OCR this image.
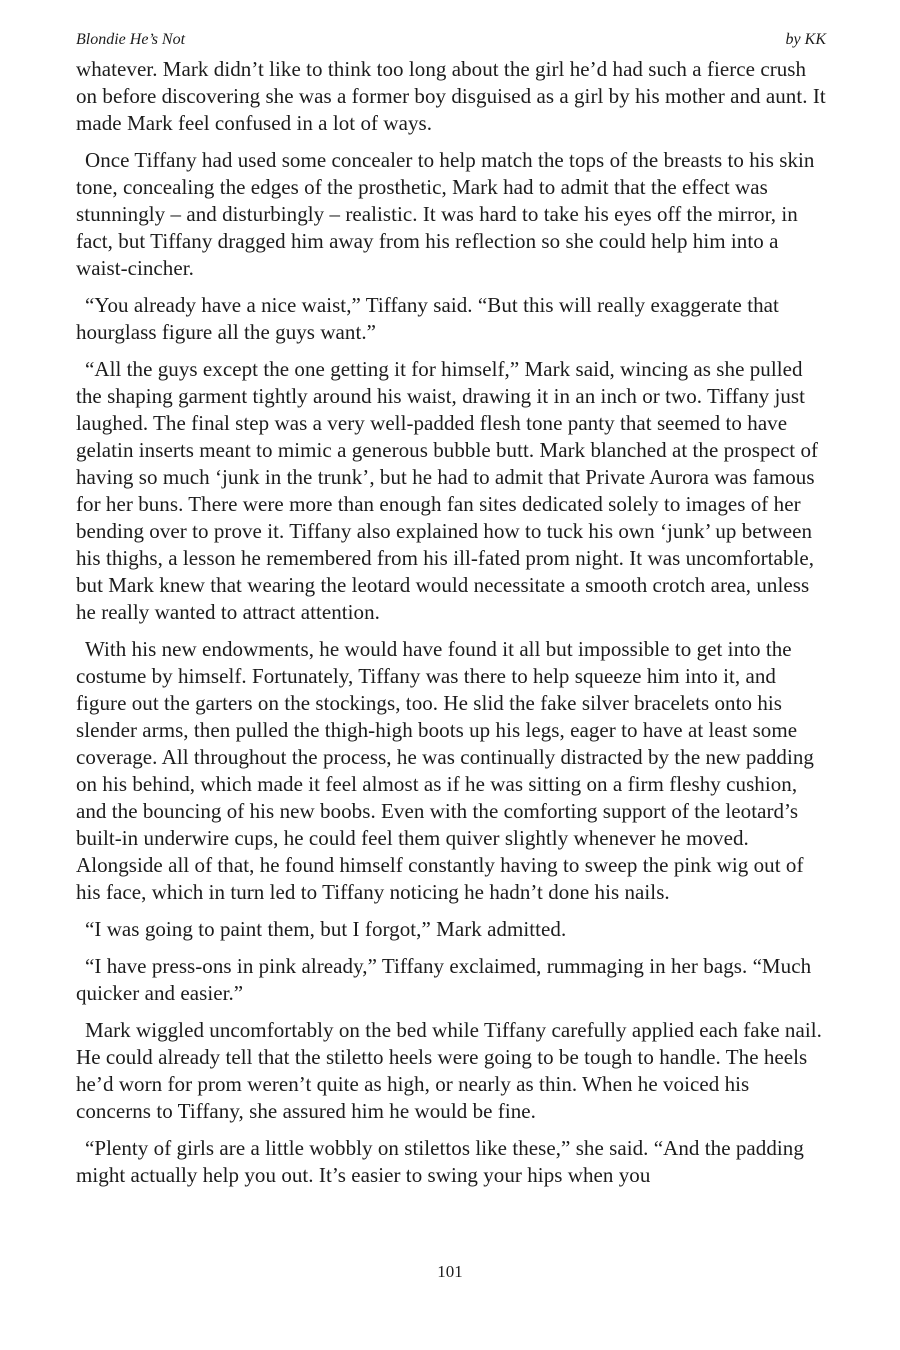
Blondie He’s Not	by KK

whatever. Mark didn’t like to think too long about the girl he’d had such a fierce crush on before discovering she was a former boy disguised as a girl by his mother and aunt. It made Mark feel confused in a lot of ways.

Once Tiffany had used some concealer to help match the tops of the breasts to his skin tone, concealing the edges of the prosthetic, Mark had to admit that the effect was stunningly – and disturbingly – realistic. It was hard to take his eyes off the mirror, in fact, but Tiffany dragged him away from his reflection so she could help him into a waist-cincher.

“You already have a nice waist,” Tiffany said. “But this will really exaggerate that hourglass figure all the guys want.”

“All the guys except the one getting it for himself,” Mark said, wincing as she pulled the shaping garment tightly around his waist, drawing it in an inch or two. Tiffany just laughed. The final step was a very well-padded flesh tone panty that seemed to have gelatin inserts meant to mimic a generous bubble butt. Mark blanched at the prospect of having so much ‘junk in the trunk’, but he had to admit that Private Aurora was famous for her buns. There were more than enough fan sites dedicated solely to images of her bending over to prove it. Tiffany also explained how to tuck his own ‘junk’ up between his thighs, a lesson he remembered from his ill-fated prom night. It was uncomfortable, but Mark knew that wearing the leotard would necessitate a smooth crotch area, unless he really wanted to attract attention.

With his new endowments, he would have found it all but impossible to get into the costume by himself. Fortunately, Tiffany was there to help squeeze him into it, and figure out the garters on the stockings, too. He slid the fake silver bracelets onto his slender arms, then pulled the thigh-high boots up his legs, eager to have at least some coverage. All throughout the process, he was continually distracted by the new padding on his behind, which made it feel almost as if he was sitting on a firm fleshy cushion, and the bouncing of his new boobs. Even with the comforting support of the leotard’s built-in underwire cups, he could feel them quiver slightly whenever he moved. Alongside all of that, he found himself constantly having to sweep the pink wig out of his face, which in turn led to Tiffany noticing he hadn’t done his nails.

“I was going to paint them, but I forgot,” Mark admitted.

“I have press-ons in pink already,” Tiffany exclaimed, rummaging in her bags. “Much quicker and easier.”

Mark wiggled uncomfortably on the bed while Tiffany carefully applied each fake nail. He could already tell that the stiletto heels were going to be tough to handle. The heels he’d worn for prom weren’t quite as high, or nearly as thin. When he voiced his concerns to Tiffany, she assured him he would be fine.

“Plenty of girls are a little wobbly on stilettos like these,” she said. “And the padding might actually help you out. It’s easier to swing your hips when you

101
